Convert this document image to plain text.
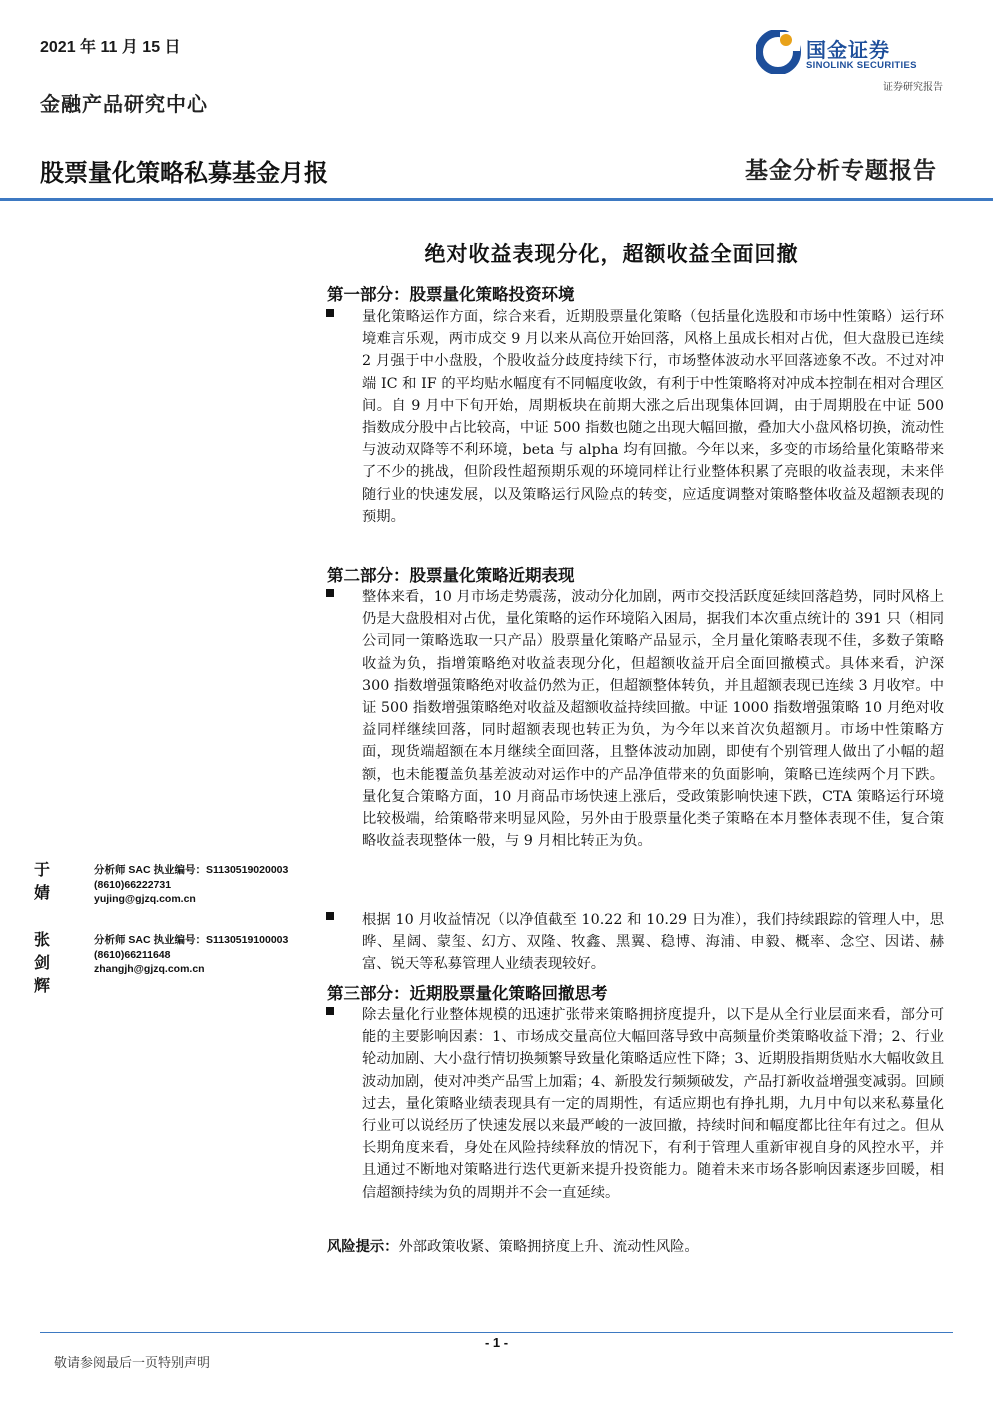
2021 年 11 月 15 日
金融产品研究中心
股票量化策略私募基金月报	基金分析专题报告
国金证券
SINOLINK SECURITIES
证券研究报告
绝对收益表现分化，超额收益全面回撤
第一部分：股票量化策略投资环境
量化策略运作方面，综合来看，近期股票量化策略（包括量化选股和市场中性策略）运行环境难言乐观，两市成交 9 月以来从高位开始回落，风格上虽成长相对占优，但大盘股已连续 2 月强于中小盘股，个股收益分歧度持续下行，市场整体波动水平回落迹象不改。不过对冲端 IC 和 IF 的平均贴水幅度有不同幅度收敛，有利于中性策略将对冲成本控制在相对合理区间。自 9 月中下旬开始，周期板块在前期大涨之后出现集体回调，由于周期股在中证 500 指数成分股中占比较高，中证 500 指数也随之出现大幅回撤，叠加大小盘风格切换，流动性与波动双降等不利环境，beta 与 alpha 均有回撤。今年以来，多变的市场给量化策略带来了不少的挑战，但阶段性超预期乐观的环境同样让行业整体积累了亮眼的收益表现，未来伴随行业的快速发展，以及策略运行风险点的转变，应适度调整对策略整体收益及超额表现的预期。
第二部分：股票量化策略近期表现
整体来看，10 月市场走势震荡，波动分化加剧，两市交投活跃度延续回落趋势，同时风格上仍是大盘股相对占优，量化策略的运作环境陷入困局，据我们本次重点统计的 391 只（相同公司同一策略选取一只产品）股票量化策略产品显示，全月量化策略表现不佳，多数子策略收益为负，指增策略绝对收益表现分化，但超额收益开启全面回撤模式。具体来看，沪深 300 指数增强策略绝对收益仍然为正，但超额整体转负，并且超额表现已连续 3 月收窄。中证 500 指数增强策略绝对收益及超额收益持续回撤。中证 1000 指数增强策略 10 月绝对收益同样继续回落，同时超额表现也转正为负，为今年以来首次负超额月。市场中性策略方面，现货端超额在本月继续全面回落，且整体波动加剧，即使有个别管理人做出了小幅的超额，也未能覆盖负基差波动对运作中的产品净值带来的负面影响，策略已连续两个月下跌。量化复合策略方面，10 月商品市场快速上涨后，受政策影响快速下跌，CTA 策略运行环境比较极端，给策略带来明显风险，另外由于股票量化类子策略在本月整体表现不佳，复合策略收益表现整体一般，与 9 月相比转正为负。
根据 10 月收益情况（以净值截至 10.22 和 10.29 日为准），我们持续跟踪的管理人中，思晔、星阔、蒙玺、幻方、双隆、牧鑫、黑翼、稳博、海浦、申毅、概率、念空、因诺、赫富、锐天等私募管理人业绩表现较好。
第三部分：近期股票量化策略回撤思考
除去量化行业整体规模的迅速扩张带来策略拥挤度提升，以下是从全行业层面来看，部分可能的主要影响因素：1、市场成交量高位大幅回落导致中高频量价类策略收益下滑；2、行业轮动加剧、大小盘行情切换频繁导致量化策略适应性下降；3、近期股指期货贴水大幅收敛且波动加剧，使对冲类产品雪上加霜；4、新股发行频频破发，产品打新收益增强变减弱。回顾过去，量化策略业绩表现具有一定的周期性，有适应期也有挣扎期，九月中旬以来私募量化行业可以说经历了快速发展以来最严峻的一波回撤，持续时间和幅度都比往年有过之。但从长期角度来看，身处在风险持续释放的情况下，有利于管理人重新审视自身的风控水平，并且通过不断地对策略进行迭代更新来提升投资能力。随着未来市场各影响因素逐步回暖，相信超额持续为负的周期并不会一直延续。
风险提示：外部政策收紧、策略拥挤度上升、流动性风险。
于　婧
分析师 SAC 执业编号：S1130519020003
(8610)66222731
yujing@gjzq.com.cn
张剑辉
分析师 SAC 执业编号：S1130519100003
(8610)66211648
zhangjh@gjzq.com.cn
- 1 -
敬请参阅最后一页特别声明
